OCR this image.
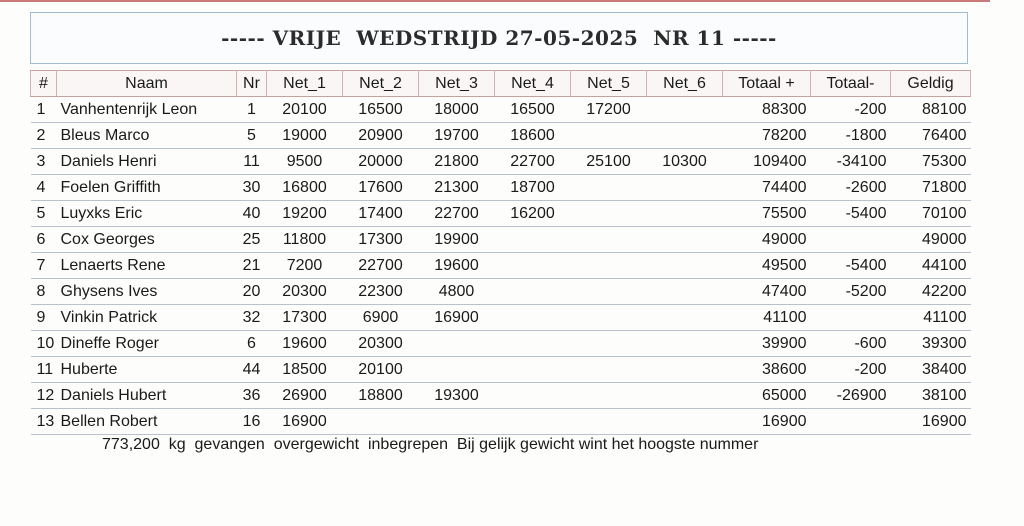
----- VRIJE  WEDSTRIJD 27-05-2025  NR 11 -----
#	Naam	Nr	Net_1	Net_2	Net_3	Net_4	Net_5	Net_6	Totaal +	Totaal-	Geldig
1	Vanhentenrijk Leon	1	20100	16500	18000	16500	17200		88300	-200	88100
2	Bleus Marco	5	19000	20900	19700	18600			78200	-1800	76400
3	Daniels Henri	11	9500	20000	21800	22700	25100	10300	109400	-34100	75300
4	Foelen Griffith	30	16800	17600	21300	18700			74400	-2600	71800
5	Luyxks Eric	40	19200	17400	22700	16200			75500	-5400	70100
6	Cox Georges	25	11800	17300	19900				49000		49000
7	Lenaerts Rene	21	7200	22700	19600				49500	-5400	44100
8	Ghysens Ives	20	20300	22300	4800				47400	-5200	42200
9	Vinkin Patrick	32	17300	6900	16900				41100		41100
10	Dineffe Roger	6	19600	20300					39900	-600	39300
11	Huberte	44	18500	20100					38600	-200	38400
12	Daniels Hubert	36	26900	18800	19300				65000	-26900	38100
13	Bellen Robert	16	16900						16900		16900
773,200  kg  gevangen  overgewicht  inbegrepen  Bij gelijk gewicht wint het hoogste nummer
